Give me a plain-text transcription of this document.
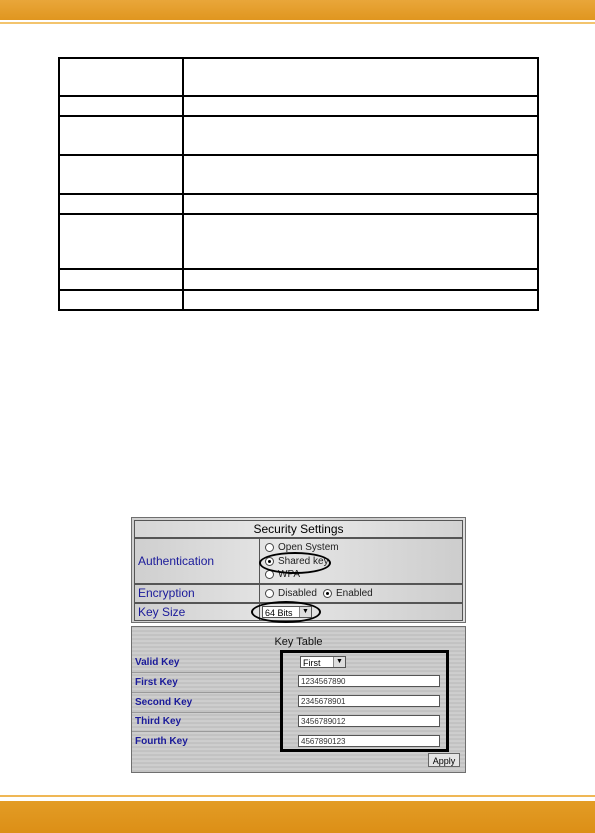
Security Settings
Authentication
Open System
Shared key
WPA
Encryption	Disabled Enabled
Key Size	64 Bits	▼
Key Table
Valid Key	First	▼
First Key	1234567890
Second Key	2345678901
Third Key	3456789012
Fourth Key	4567890123
Apply
